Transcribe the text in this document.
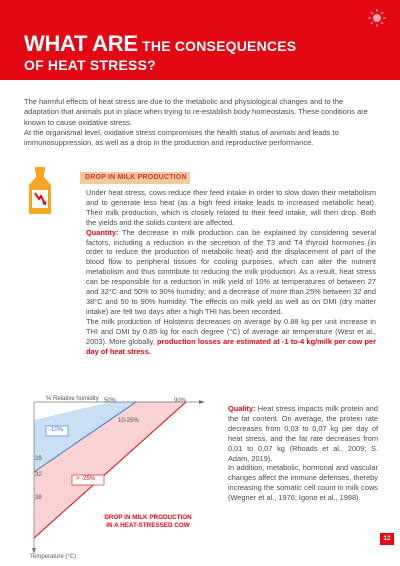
WHAT ARE THE CONSEQUENCES
OF HEAT STRESS?

The harmful effects of heat stress are due to the metabolic and physiological changes and to the adaptation that animals put in place when trying to re-establish body homeostasis. These conditions are known to cause oxidative stress.

At the organismal level, oxidative stress compromises the health status of animals and leads to immunosuppression, as well as a drop in the production and reproductive performance.

DROP IN MILK PRODUCTION

Under heat stress, cows reduce their feed intake in order to slow down their metabolism and to generate less heat (as a high feed intake leads to increased metabolic heat). Their milk production, which is closely related to their feed intake, will then drop. Both the yields and the solids content are affected.

Quantity: The decrease in milk production can be explained by considering several factors, including a reduction in the secretion of the T3 and T4 thyroid hormones (in order to reduce the production of metabolic heat) and the displacement of part of the blood flow to peripheral tissues for cooling purposes, which can alter the nutrient metabolism and thus contribute to reducing the milk production. As a result, heat stress can be responsible for a reduction in milk yield of 10% at temperatures of between 27 and 32°C and 50% to 90% humidity; and a decrease of more than 25% between 32 and 38°C and 50 to 90% humidity. The effects on milk yield as well as on DMI (dry matter intake) are felt two days after a high THI has been recorded.

The milk production of Holsteins decreases on average by 0.88 kg per unit increase in THI and DMI by 0.85 kg for each degree (°C) of average air temperature (West et al., 2003). More globally, production losses are estimated at -1 to-4 kg/milk per cow per day of heat stress.

% Relative humidity 50%	90%
10-25%
-10%
> -25%
28
32
38
Temperature (°C)
DROP IN MILK PRODUCTION
IN A HEAT-STRESSED COW

Quality: Heat stress impacts milk protein and the fat content. On average, the protein rate decreases from 0,03 to 0,07 kg per day of heat stress, and the fat rate decreases from 0,01 to 0,07 kg (Rhoads et al., 2009; S. Adam, 2019).

In addition, metabolic, hormonal and vascular changes affect the immune defenses, thereby increasing the somatic cell count in milk cows (Wegner et al., 1976; Igono et al., 1988).

12
